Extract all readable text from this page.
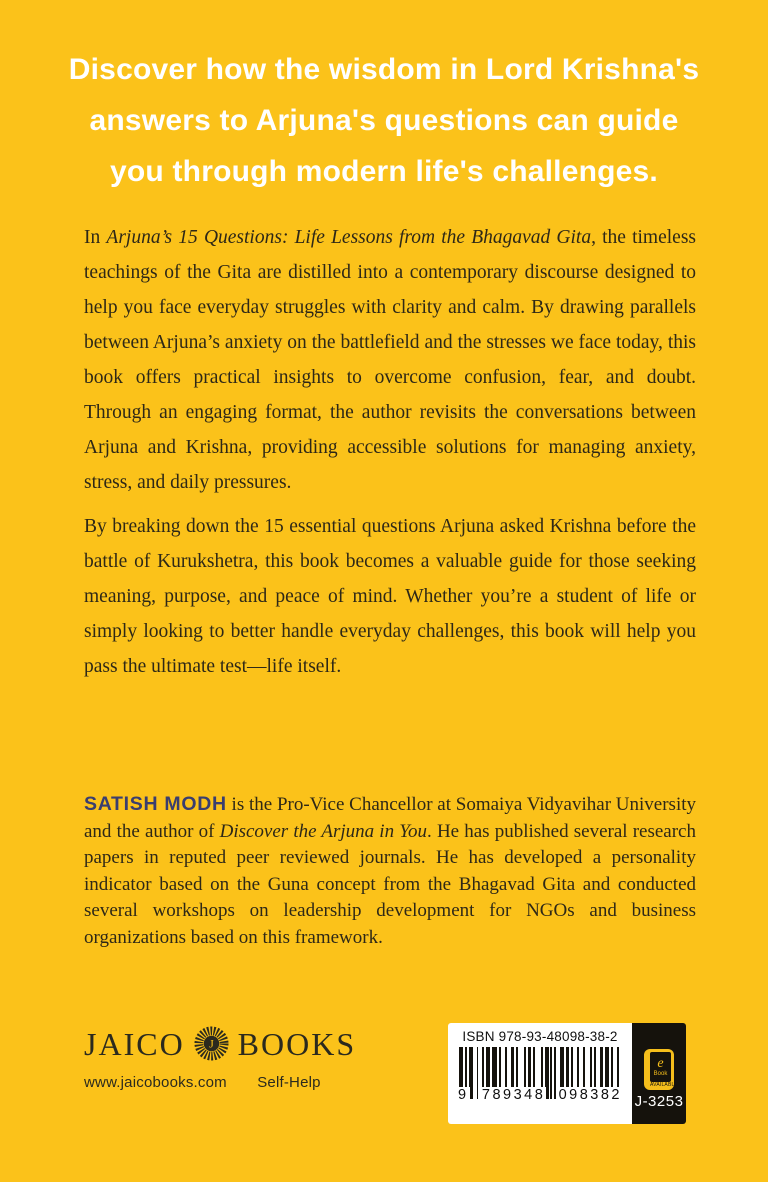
Discover how the wisdom in Lord Krishna's
answers to Arjuna's questions can guide
you through modern life's challenges.

In Arjuna’s 15 Questions: Life Lessons from the Bhagavad Gita, the timeless teachings of the Gita are distilled into a contemporary discourse designed to help you face everyday struggles with clarity and calm. By drawing parallels between Arjuna’s anxiety on the battlefield and the stresses we face today, this book offers practical insights to overcome confusion, fear, and doubt. Through an engaging format, the author revisits the conversations between Arjuna and Krishna, providing accessible solutions for managing anxiety, stress, and daily pressures.

By breaking down the 15 essential questions Arjuna asked Krishna before the battle of Kurukshetra, this book becomes a valuable guide for those seeking meaning, purpose, and peace of mind. Whether you’re a student of life or simply looking to better handle everyday challenges, this book will help you pass the ultimate test—life itself.

SATISH MODH is the Pro-Vice Chancellor at Somaiya Vidyavihar University and the author of Discover the Arjuna in You. He has published several research papers in reputed peer reviewed journals. He has developed a personality indicator based on the Guna concept from the Bhagavad Gita and conducted several workshops on leadership development for NGOs and business organizations based on this framework.
JAICO J BOOKS
www.jaicobooks.com Self-Help
ISBN 978-93-48098-38-2
9 789348 098382
e
Book
AVAILABLE
J-3253
